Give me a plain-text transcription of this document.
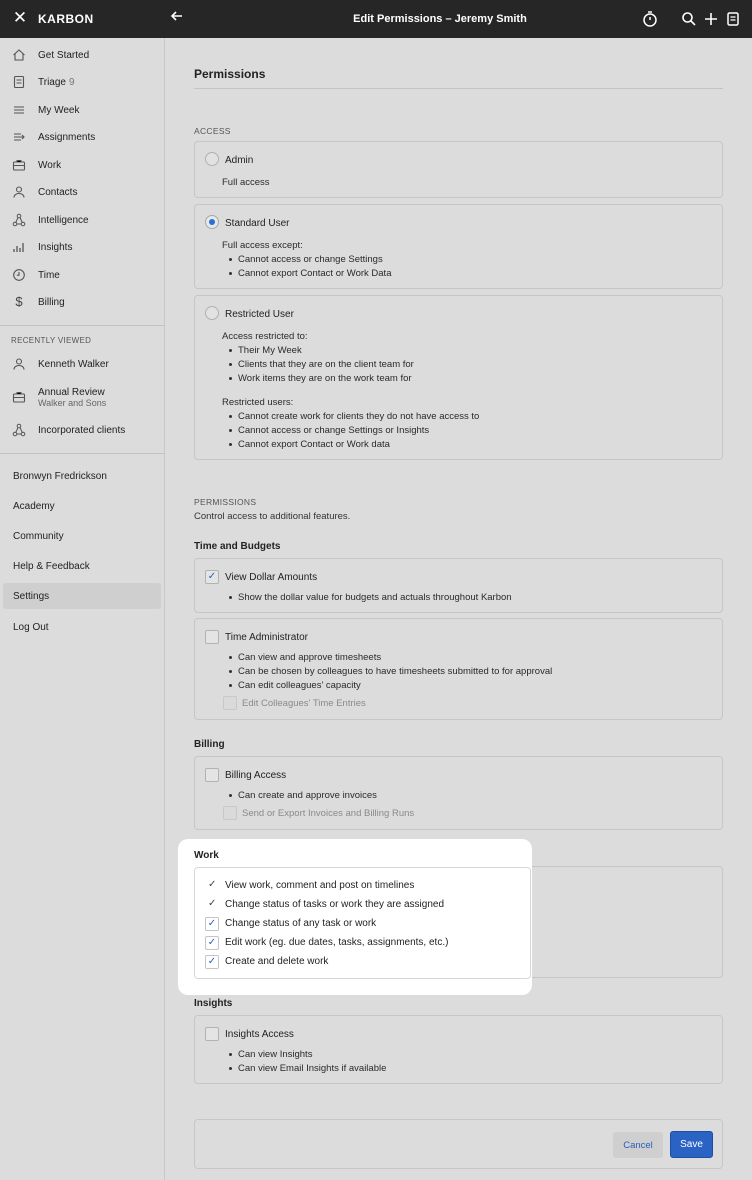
✕ KARBON	Edit Permissions – Jeremy Smith
Get Started
Triage 9
My Week
Assignments
Work
Contacts
Intelligence
Insights
Time
$	Billing
RECENTLY VIEWED
Kenneth Walker
Annual Review
Walker and Sons
Incorporated clients
Bronwyn Fredrickson
Academy
Community
Help & Feedback
Settings
Log Out
Permissions
ACCESS
Admin
Full access
Standard User
Full access except:
Cannot access or change Settings
Cannot export Contact or Work Data
Restricted User
Access restricted to:
Their My Week
Clients that they are on the client team for
Work items they are on the work team for
Restricted users:
Cannot create work for clients they do not have access to
Cannot access or change Settings or Insights
Cannot export Contact or Work data
PERMISSIONS
Control access to additional features.
Time and Budgets
✓ View Dollar Amounts
Show the dollar value for budgets and actuals throughout Karbon
Time Administrator
Can view and approve timesheets
Can be chosen by colleagues to have timesheets submitted to for approval
Can edit colleagues' capacity
Edit Colleagues' Time Entries
Billing
Billing Access
Can create and approve invoices
Send or Export Invoices and Billing Runs
Insights
Insights Access
Can view Insights
Can view Email Insights if available
Cancel	Save
Work
✓ View work, comment and post on timelines
✓ Change status of tasks or work they are assigned
✓ Change status of any task or work
✓ Edit work (eg. due dates, tasks, assignments, etc.)
✓ Create and delete work
